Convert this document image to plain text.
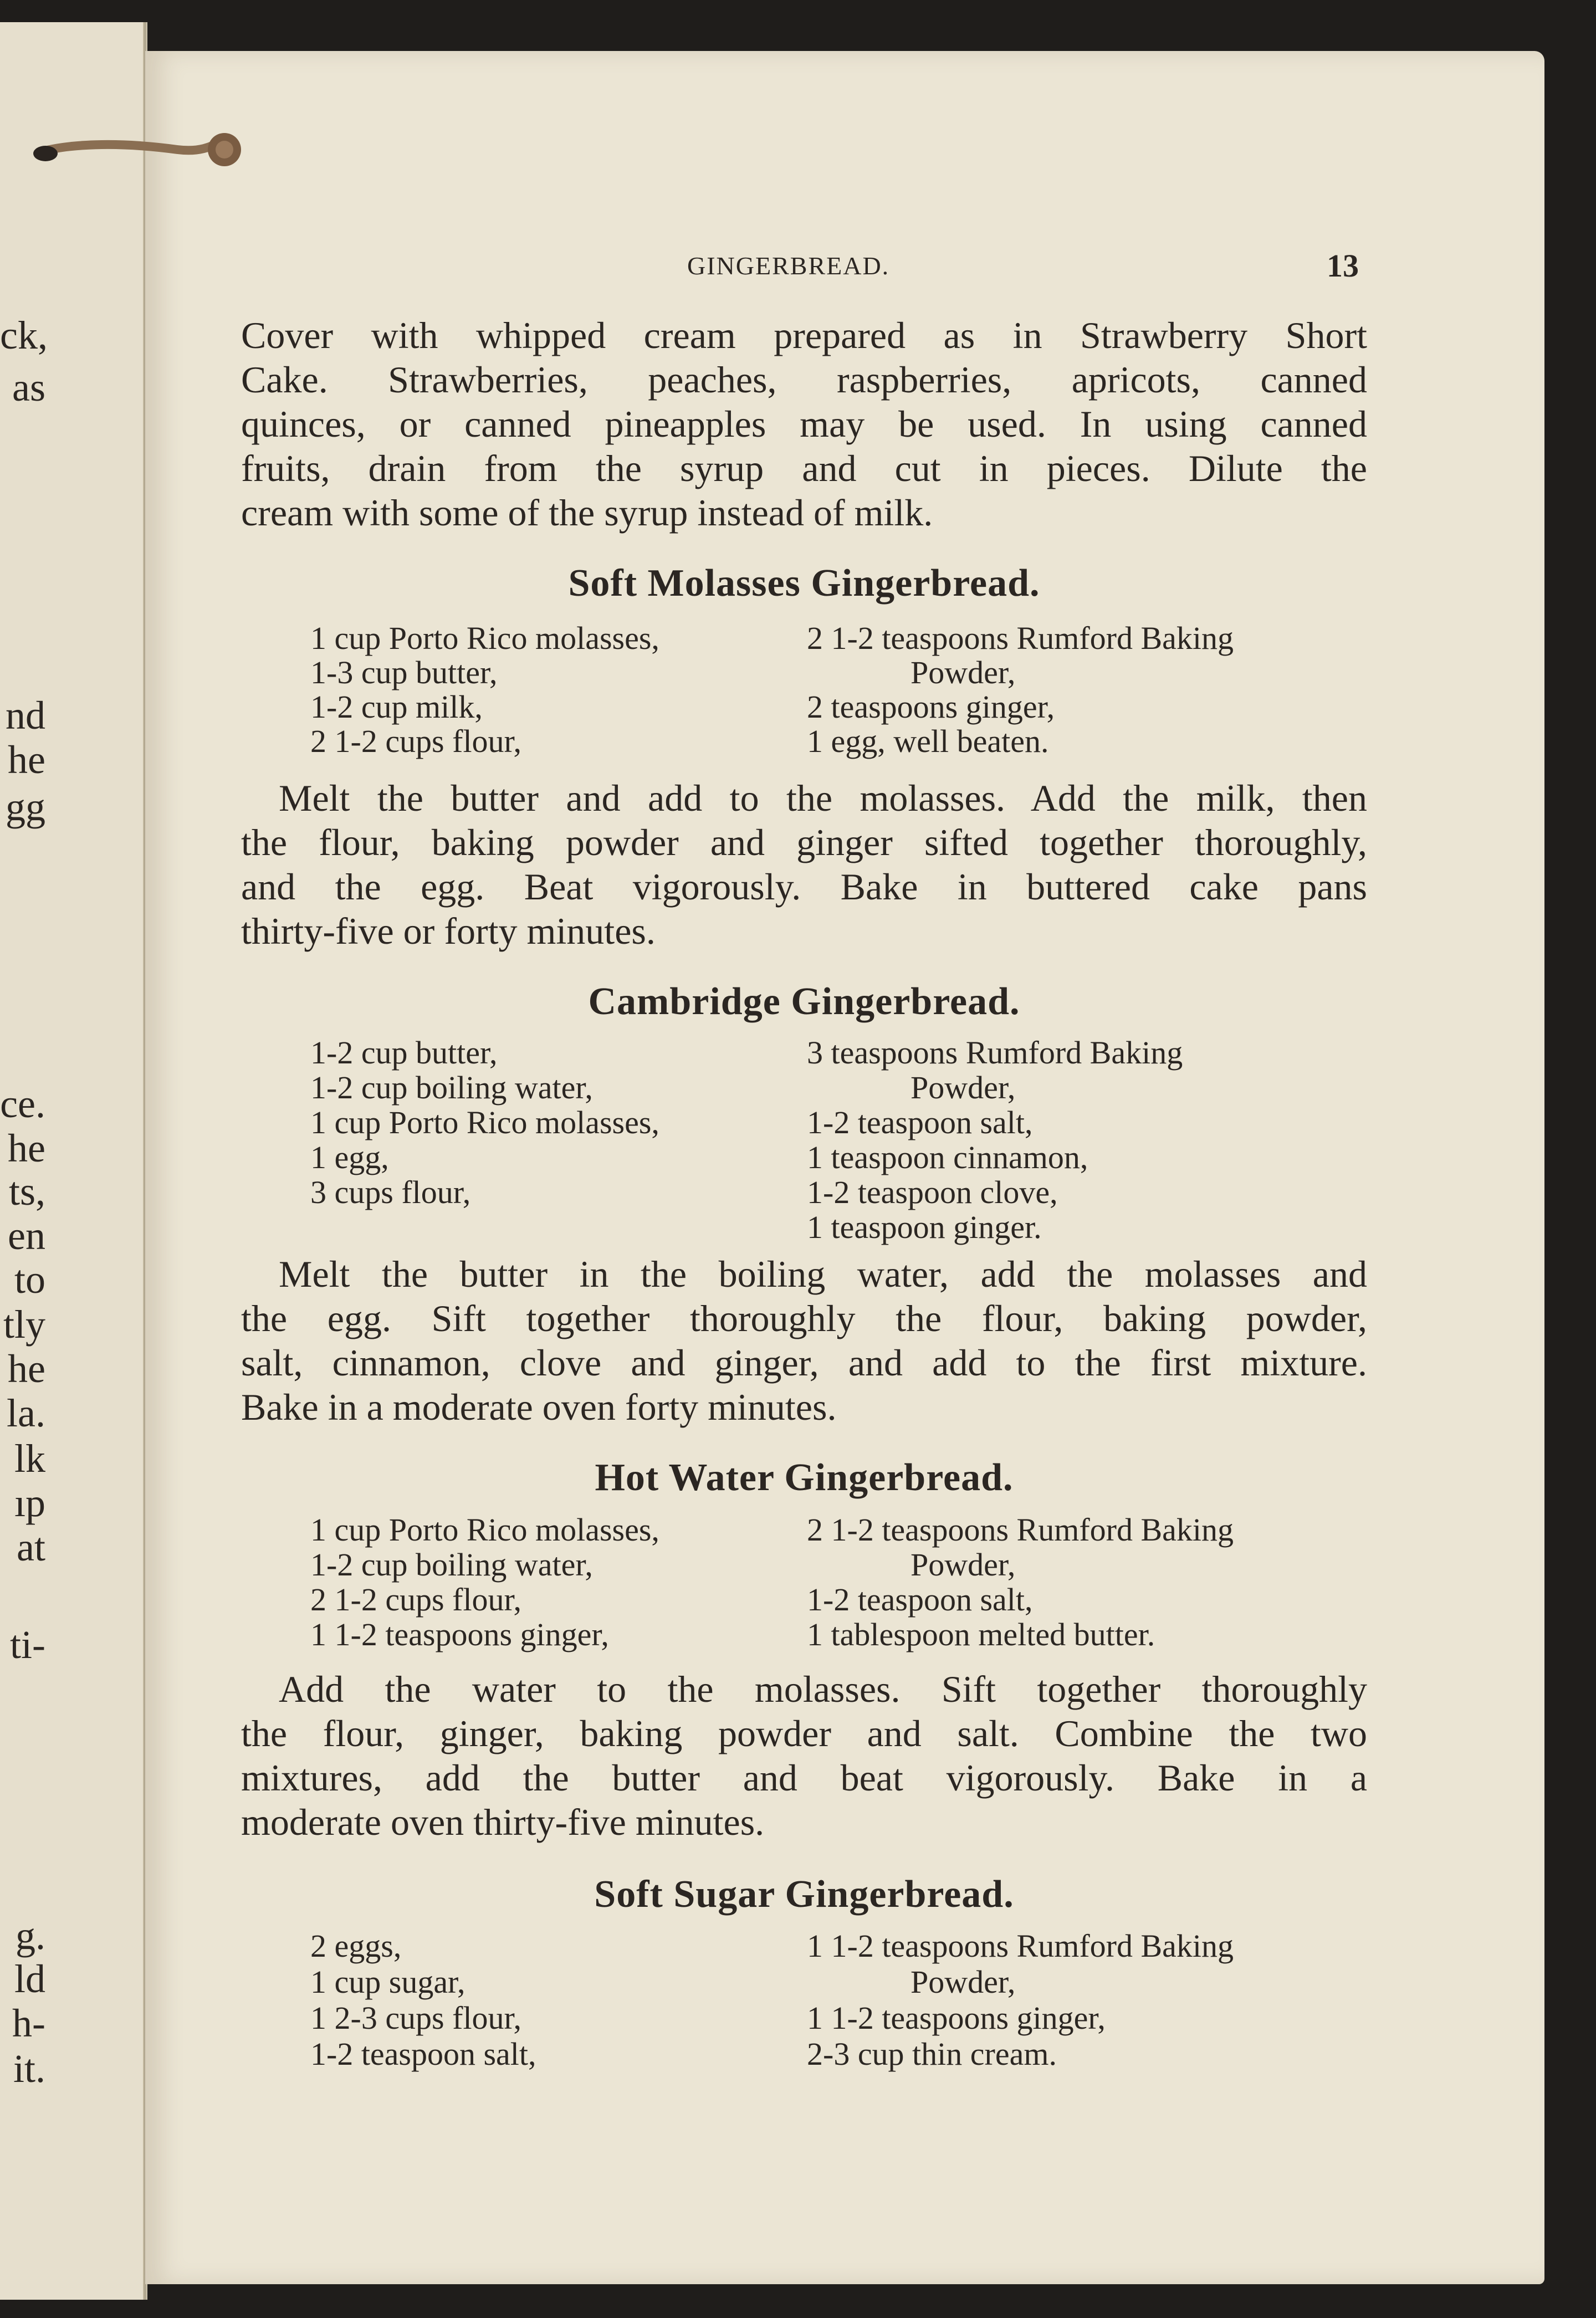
ck,
as
nd
he
gg
ce.
he
ts,
en
to
tly
he
la.
lk
ıp
at
ti-
g.
ld
h-
it.
GINGERBREAD.	13
Cover with whipped cream prepared as in Strawberry Short
Cake. Strawberries, peaches, raspberries, apricots, canned
quinces, or canned pineapples may be used. In using canned
fruits, drain from the syrup and cut in pieces. Dilute the
cream with some of the syrup instead of milk.
Soft Molasses Gingerbread.
1 cup Porto Rico molasses,
1-3 cup butter,
1-2 cup milk,
2 1-2 cups flour,
2 1-2 teaspoons Rumford Baking
Powder,
2 teaspoons ginger,
1 egg, well beaten.
Melt the butter and add to the molasses. Add the milk, then
the flour, baking powder and ginger sifted together thoroughly,
and the egg. Beat vigorously. Bake in buttered cake pans
thirty-five or forty minutes.
Cambridge Gingerbread.
1-2 cup butter,
1-2 cup boiling water,
1 cup Porto Rico molasses,
1 egg,
3 cups flour,
3 teaspoons Rumford Baking
Powder,
1-2 teaspoon salt,
1 teaspoon cinnamon,
1-2 teaspoon clove,
1 teaspoon ginger.
Melt the butter in the boiling water, add the molasses and
the egg. Sift together thoroughly the flour, baking powder,
salt, cinnamon, clove and ginger, and add to the first mixture.
Bake in a moderate oven forty minutes.
Hot Water Gingerbread.
1 cup Porto Rico molasses,
1-2 cup boiling water,
2 1-2 cups flour,
1 1-2 teaspoons ginger,
2 1-2 teaspoons Rumford Baking
Powder,
1-2 teaspoon salt,
1 tablespoon melted butter.
Add the water to the molasses. Sift together thoroughly
the flour, ginger, baking powder and salt. Combine the two
mixtures, add the butter and beat vigorously. Bake in a
moderate oven thirty-five minutes.
Soft Sugar Gingerbread.
2 eggs,
1 cup sugar,
1 2-3 cups flour,
1-2 teaspoon salt,
1 1-2 teaspoons Rumford Baking
Powder,
1 1-2 teaspoons ginger,
2-3 cup thin cream.
